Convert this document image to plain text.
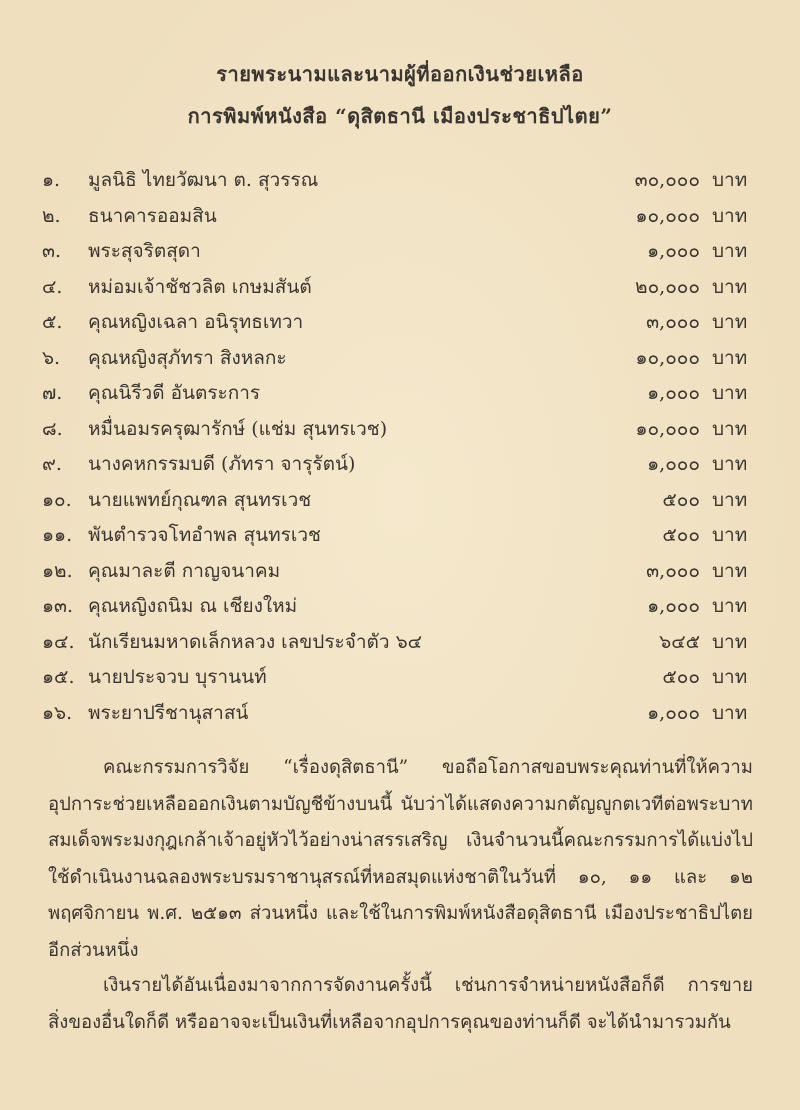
รายพระนามและนามผู้ที่ออกเงินช่วยเหลือ
การพิมพ์หนังสือ “ดุสิตธานี เมืองประชาธิปไตย”
๑.	มูลนิธิ ไทยวัฒนา ต. สุวรรณ	๓๐,๐๐๐ บาท
๒.	ธนาคารออมสิน	๑๐,๐๐๐ บาท
๓.	พระสุจริตสุดา	๑,๐๐๐ บาท
๔.	หม่อมเจ้าชัชวลิต เกษมสันต์	๒๐,๐๐๐ บาท
๕.	คุณหญิงเฉลา อนิรุทธเทวา	๓,๐๐๐ บาท
๖.	คุณหญิงสุภัทรา สิงหลกะ	๑๐,๐๐๐ บาท
๗.	คุณนิรีวดี อันตระการ	๑,๐๐๐ บาท
๘.	หมื่นอมรครุฒารักษ์ (แช่ม สุนทรเวช)	๑๐,๐๐๐ บาท
๙.	นางคหกรรมบดี (ภัทรา จารุรัตน์)	๑,๐๐๐ บาท
๑๐. นายแพทย์กุณฑล สุนทรเวช	๕๐๐ บาท
๑๑. พันตำรวจโทอำพล สุนทรเวช	๕๐๐ บาท
๑๒. คุณมาละตี กาญจนาคม	๓,๐๐๐ บาท
๑๓. คุณหญิงถนิม ณ เชียงใหม่	๑,๐๐๐ บาท
๑๔. นักเรียนมหาดเล็กหลวง เลขประจำตัว ๖๔	๖๔๕ บาท
๑๕. นายประจวบ บุรานนท์	๕๐๐ บาท
๑๖. พระยาปรีชานุสาสน์	๑,๐๐๐ บาท
คณะกรรมการวิจัย “เรื่องดุสิตธานี” ขอถือโอกาสขอบพระคุณท่านที่ให้ความอุปการะช่วยเหลือออกเงินตามบัญชีข้างบนนี้ นับว่าได้แสดงความกตัญญูกตเวทีต่อพระบาทสมเด็จพระมงกุฎเกล้าเจ้าอยู่หัวไว้อย่างน่าสรรเสริญ เงินจำนวนนี้คณะกรรมการได้แบ่งไปใช้ดำเนินงานฉลองพระบรมราชานุสรณ์ที่หอสมุดแห่งชาติในวันที่ ๑๐, ๑๑ และ ๑๒ พฤศจิกายน พ.ศ. ๒๕๑๓ ส่วนหนึ่ง และใช้ในการพิมพ์หนังสือดุสิตธานี เมืองประชาธิปไตย อีกส่วนหนึ่ง
เงินรายได้อันเนื่องมาจากการจัดงานครั้งนี้ เช่นการจำหน่ายหนังสือก็ดี การขายสิ่งของอื่นใดก็ดี หรืออาจจะเป็นเงินที่เหลือจากอุปการคุณของท่านก็ดี จะได้นำมารวมกัน
